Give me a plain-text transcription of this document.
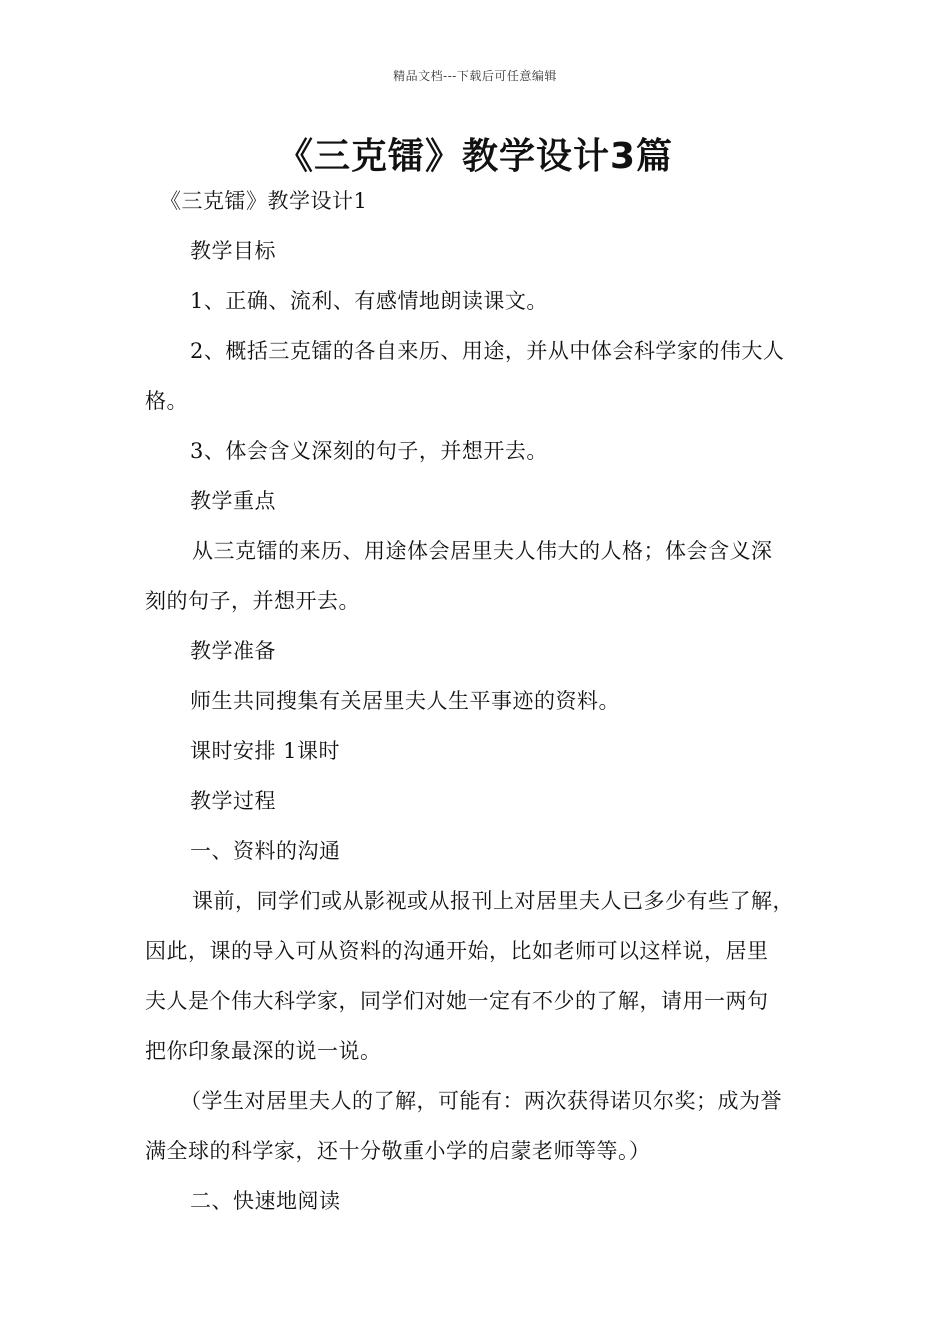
精品文档---下载后可任意编辑
《三克镭》教学设计3篇
《三克镭》教学设计1
教学目标
1、正确、流利、有感情地朗读课文。
2、概括三克镭的各自来历、用途，并从中体会科学家的伟大人
格。
3、体会含义深刻的句子，并想开去。
教学重点
从三克镭的来历、用途体会居里夫人伟大的人格；体会含义深
刻的句子，并想开去。
教学准备
师生共同搜集有关居里夫人生平事迹的资料。
课时安排 1课时
教学过程
一、资料的沟通
课前，同学们或从影视或从报刊上对居里夫人已多少有些了解，
因此，课的导入可从资料的沟通开始，比如老师可以这样说，居里
夫人是个伟大科学家，同学们对她一定有不少的了解，请用一两句
把你印象最深的说一说。
（学生对居里夫人的了解，可能有：两次获得诺贝尔奖；成为誉
满全球的科学家，还十分敬重小学的启蒙老师等等。）
二、快速地阅读
